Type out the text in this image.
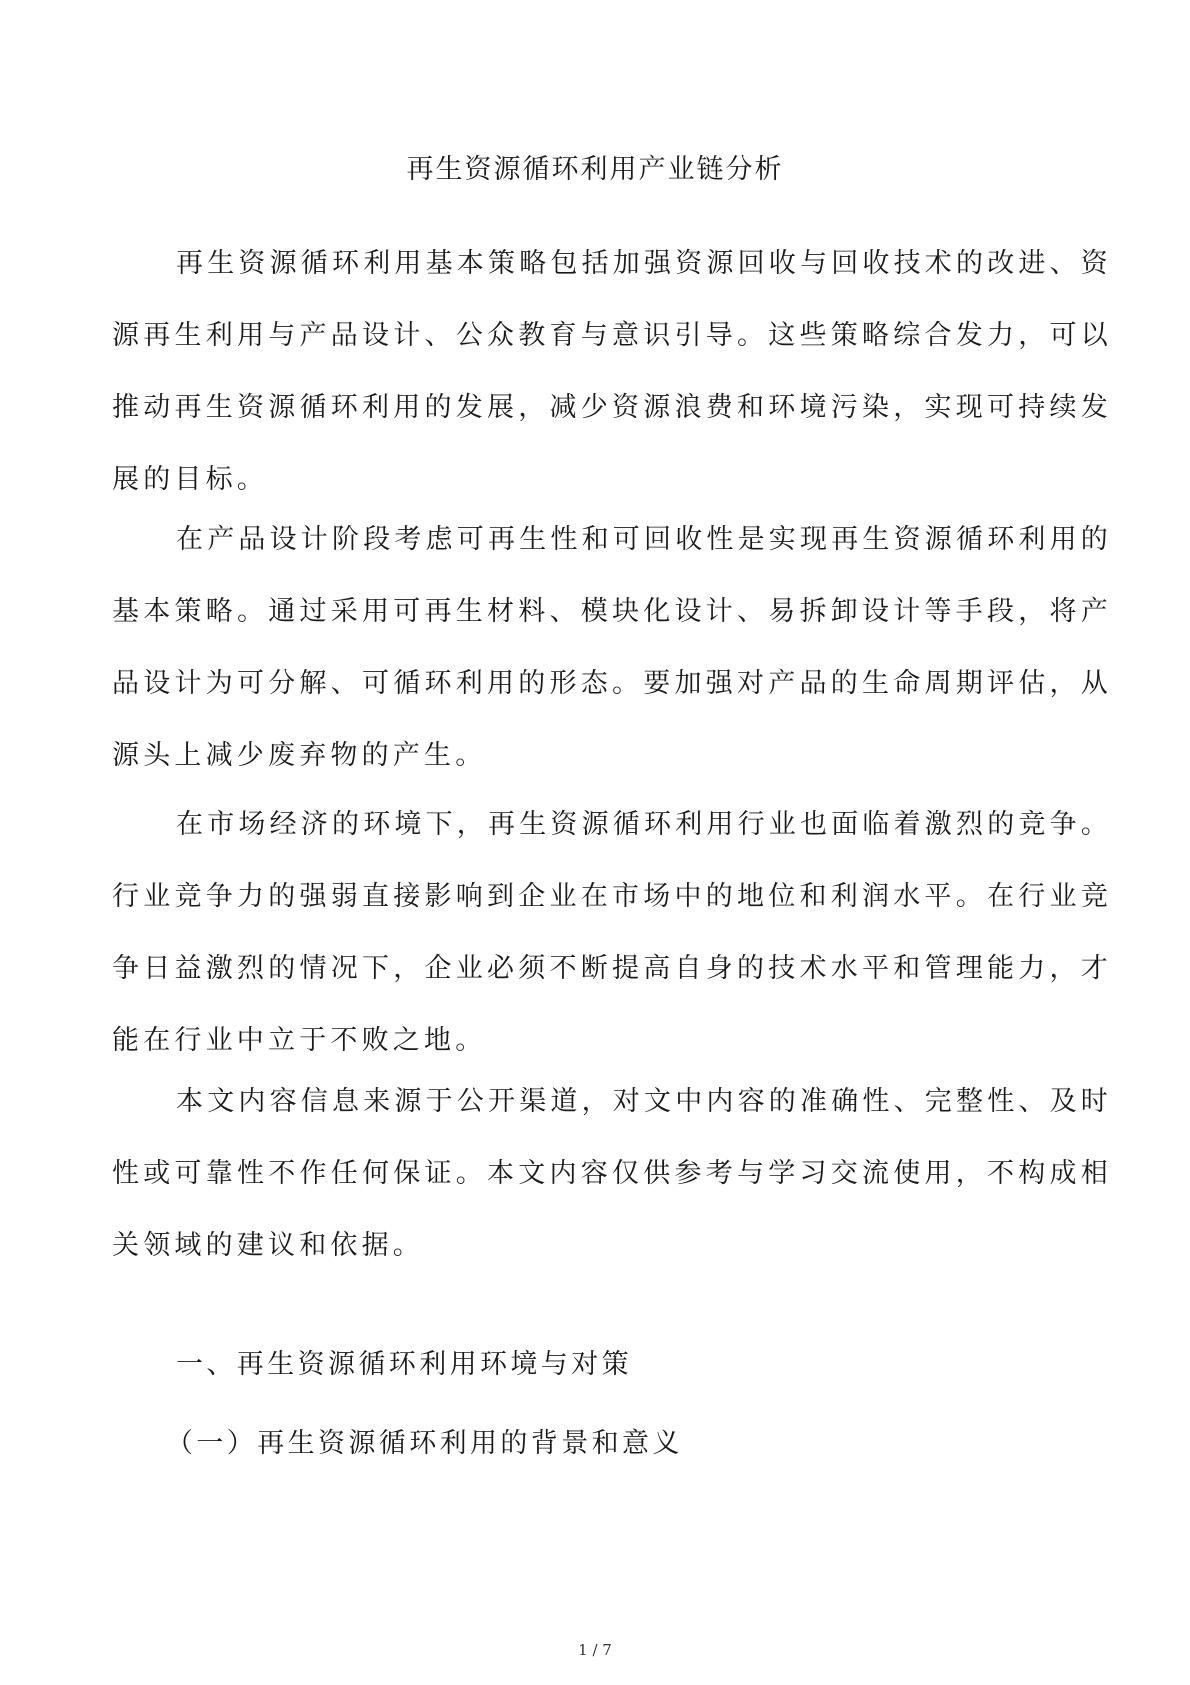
再生资源循环利用产业链分析

再生资源循环利用基本策略包括加强资源回收与回收技术的改进、资源再生利用与产品设计、公众教育与意识引导。这些策略综合发力，可以推动再生资源循环利用的发展，减少资源浪费和环境污染，实现可持续发展的目标。

在产品设计阶段考虑可再生性和可回收性是实现再生资源循环利用的基本策略。通过采用可再生材料、模块化设计、易拆卸设计等手段，将产品设计为可分解、可循环利用的形态。要加强对产品的生命周期评估，从源头上减少废弃物的产生。

在市场经济的环境下，再生资源循环利用行业也面临着激烈的竞争。行业竞争力的强弱直接影响到企业在市场中的地位和利润水平。在行业竞争日益激烈的情况下，企业必须不断提高自身的技术水平和管理能力，才能在行业中立于不败之地。

本文内容信息来源于公开渠道，对文中内容的准确性、完整性、及时性或可靠性不作任何保证。本文内容仅供参考与学习交流使用，不构成相关领域的建议和依据。

一、再生资源循环利用环境与对策
（一）再生资源循环利用的背景和意义
1 / 7
